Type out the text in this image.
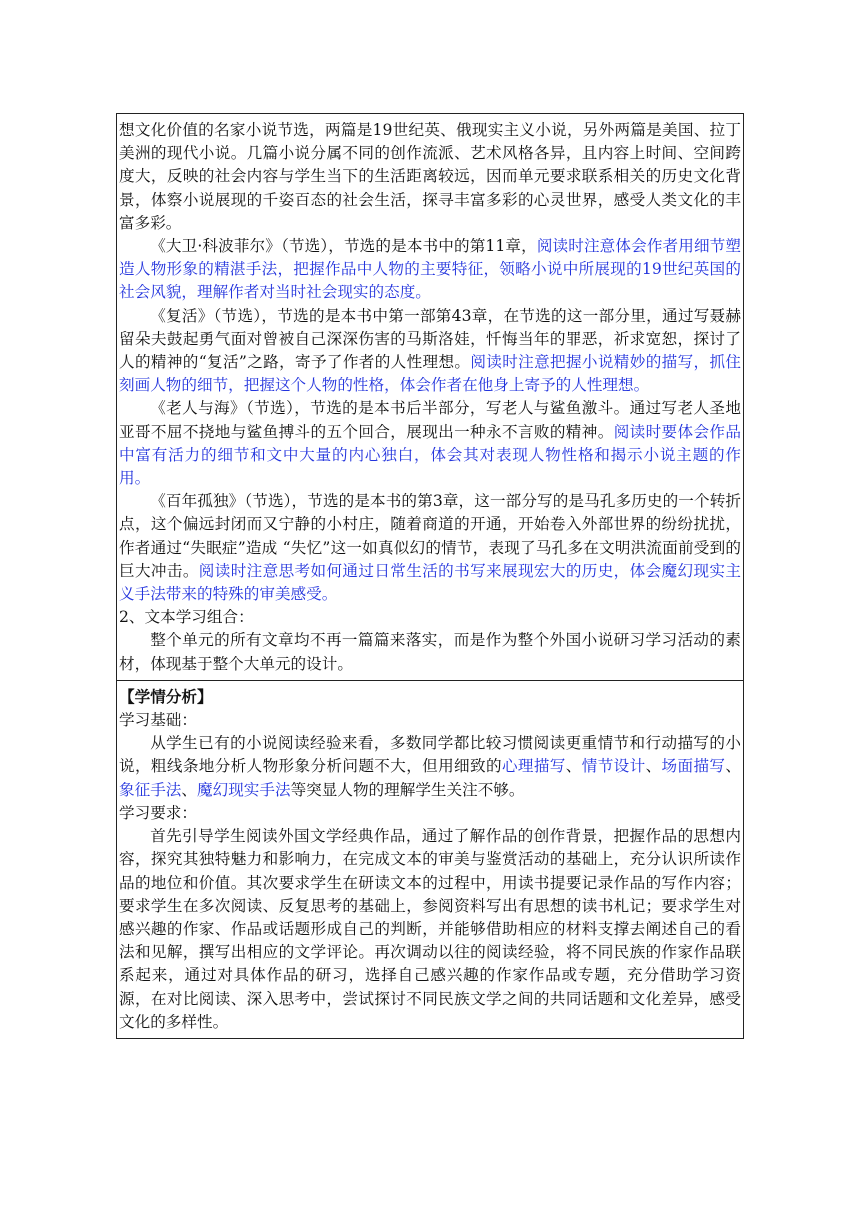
想文化价值的名家小说节选，两篇是19世纪英、俄现实主义小说，另外两篇是美国、拉丁美洲的现代小说。几篇小说分属不同的创作流派、艺术风格各异，且内容上时间、空间跨度大，反映的社会内容与学生当下的生活距离较远，因而单元要求联系相关的历史文化背景，体察小说展现的千姿百态的社会生活，探寻丰富多彩的心灵世界，感受人类文化的丰富多彩。

《大卫·科波菲尔》（节选），节选的是本书中的第11章，阅读时注意体会作者用细节塑造人物形象的精湛手法，把握作品中人物的主要特征，领略小说中所展现的19世纪英国的社会风貌，理解作者对当时社会现实的态度。

《复活》（节选），节选的是本书中第一部第43章，在节选的这一部分里，通过写聂赫留朵夫鼓起勇气面对曾被自己深深伤害的马斯洛娃，忏悔当年的罪恶，祈求宽恕，探讨了人的精神的“复活”之路，寄予了作者的人性理想。阅读时注意把握小说精妙的描写，抓住刻画人物的细节，把握这个人物的性格，体会作者在他身上寄予的人性理想。

《老人与海》（节选），节选的是本书后半部分，写老人与鲨鱼激斗。通过写老人圣地亚哥不屈不挠地与鲨鱼搏斗的五个回合，展现出一种永不言败的精神。阅读时要体会作品中富有活力的细节和文中大量的内心独白，体会其对表现人物性格和揭示小说主题的作用。

《百年孤独》（节选），节选的是本书的第3章，这一部分写的是马孔多历史的一个转折点，这个偏远封闭而又宁静的小村庄，随着商道的开通，开始卷入外部世界的纷纷扰扰，作者通过“失眠症”造成 “失忆”这一如真似幻的情节，表现了马孔多在文明洪流面前受到的巨大冲击。阅读时注意思考如何通过日常生活的书写来展现宏大的历史，体会魔幻现实主义手法带来的特殊的审美感受。

2、文本学习组合：

整个单元的所有文章均不再一篇篇来落实，而是作为整个外国小说研习学习活动的素材，体现基于整个大单元的设计。

【学情分析】

学习基础：

从学生已有的小说阅读经验来看，多数同学都比较习惯阅读更重情节和行动描写的小说，粗线条地分析人物形象分析问题不大，但用细致的心理描写、情节设计、场面描写、象征手法、魔幻现实手法等突显人物的理解学生关注不够。

学习要求：

首先引导学生阅读外国文学经典作品，通过了解作品的创作背景，把握作品的思想内容，探究其独特魅力和影响力，在完成文本的审美与鉴赏活动的基础上，充分认识所读作品的地位和价值。其次要求学生在研读文本的过程中，用读书提要记录作品的写作内容；要求学生在多次阅读、反复思考的基础上，参阅资料写出有思想的读书札记；要求学生对感兴趣的作家、作品或话题形成自己的判断，并能够借助相应的材料支撑去阐述自己的看法和见解，撰写出相应的文学评论。再次调动以往的阅读经验，将不同民族的作家作品联系起来，通过对具体作品的研习，选择自己感兴趣的作家作品或专题，充分借助学习资源，在对比阅读、深入思考中，尝试探讨不同民族文学之间的共同话题和文化差异，感受文化的多样性。
